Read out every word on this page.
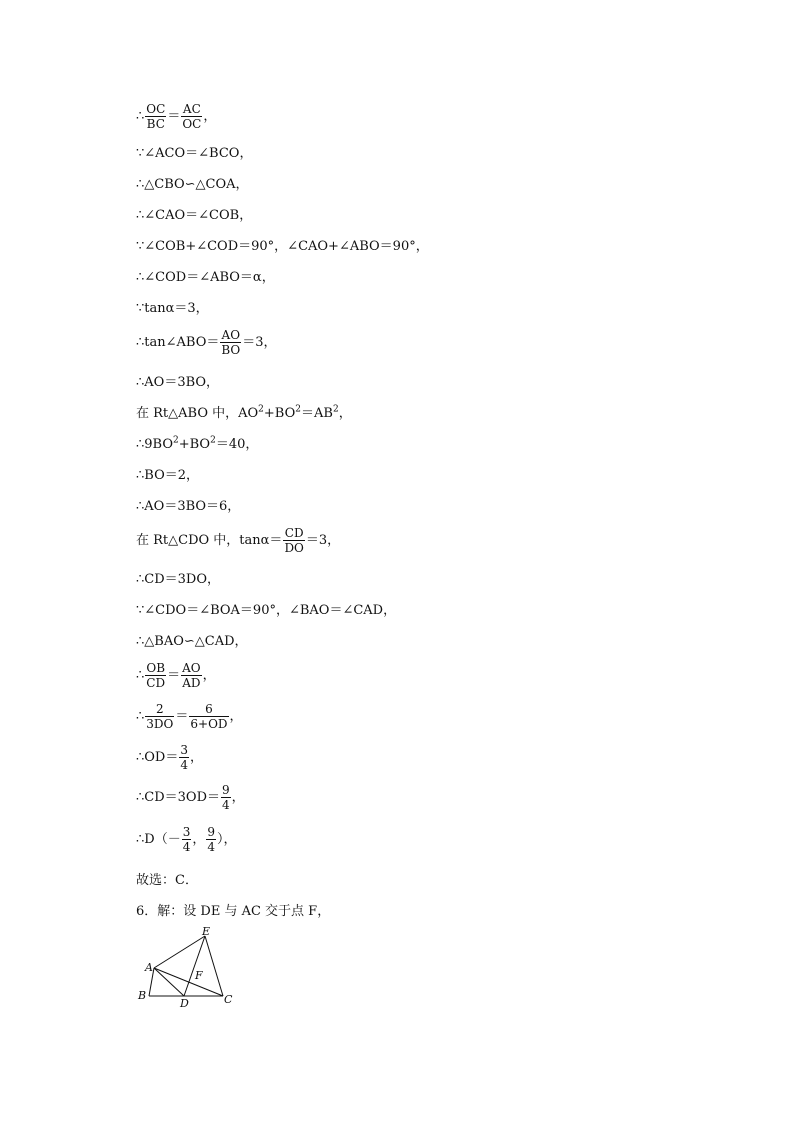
∴ $\frac{OC}{BC} = \frac{AC}{OC}$ ，
∵∠ACO＝∠BCO，
∴△CBO∽△COA，
∴∠CAO＝∠COB，
∵∠COB+∠COD＝90°，∠CAO+∠ABO＝90°，
∴∠COD＝∠ABO＝α，
∵tanα＝3，
∴tan∠ABO＝ $\frac{AO}{BO} =3$，
∴AO＝3BO，
在 Rt△ABO 中，$AO^2+BO^2=AB^2$，
$\therefore 9BO^2+BO^2=40$，
∴BO＝2，
∴AO＝3BO＝6，
在 Rt△CDO 中，$\tan\alpha= \frac{CD}{DO} =3$，
∴CD＝3DO，
∵∠CDO＝∠BOA＝90°，∠BAO＝∠CAD，
∴△BAO∽△CAD，
∴ $\frac{OB}{CD} = \frac{AO}{AD}$ ，
∴ $\frac{2}{3DO} = \frac{6}{6+OD}$ ，
∴OD＝ $\frac{3}{4}$ ，
∴CD＝3OD＝ $\frac{9}{4}$ ，
∴D（－ $\frac{3}{4}$ ， $\frac{9}{4}$ ），
故选：C．
6．解：设 DE 与 AC 交于点 F，
E
A
F
B
D	C
